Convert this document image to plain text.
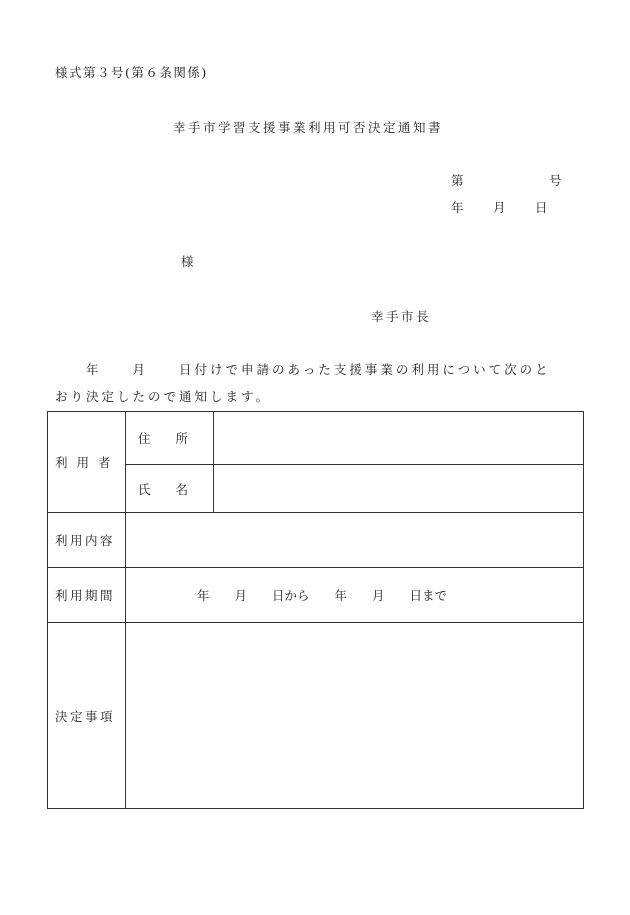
様式第３号(第６条関係)
幸手市学習支援事業利用可否決定通知書
第　　　　　　号
年　　月　　日
様
幸手市長
　　年　　月　　日付けで申請のあった支援事業の利用について次のと
おり決定したので通知します。
利 用 者	住　　所	
	氏　　名	
利用内容		
利用期間	年　　月　　日から　　年　　月　　日まで	
決定事項		
